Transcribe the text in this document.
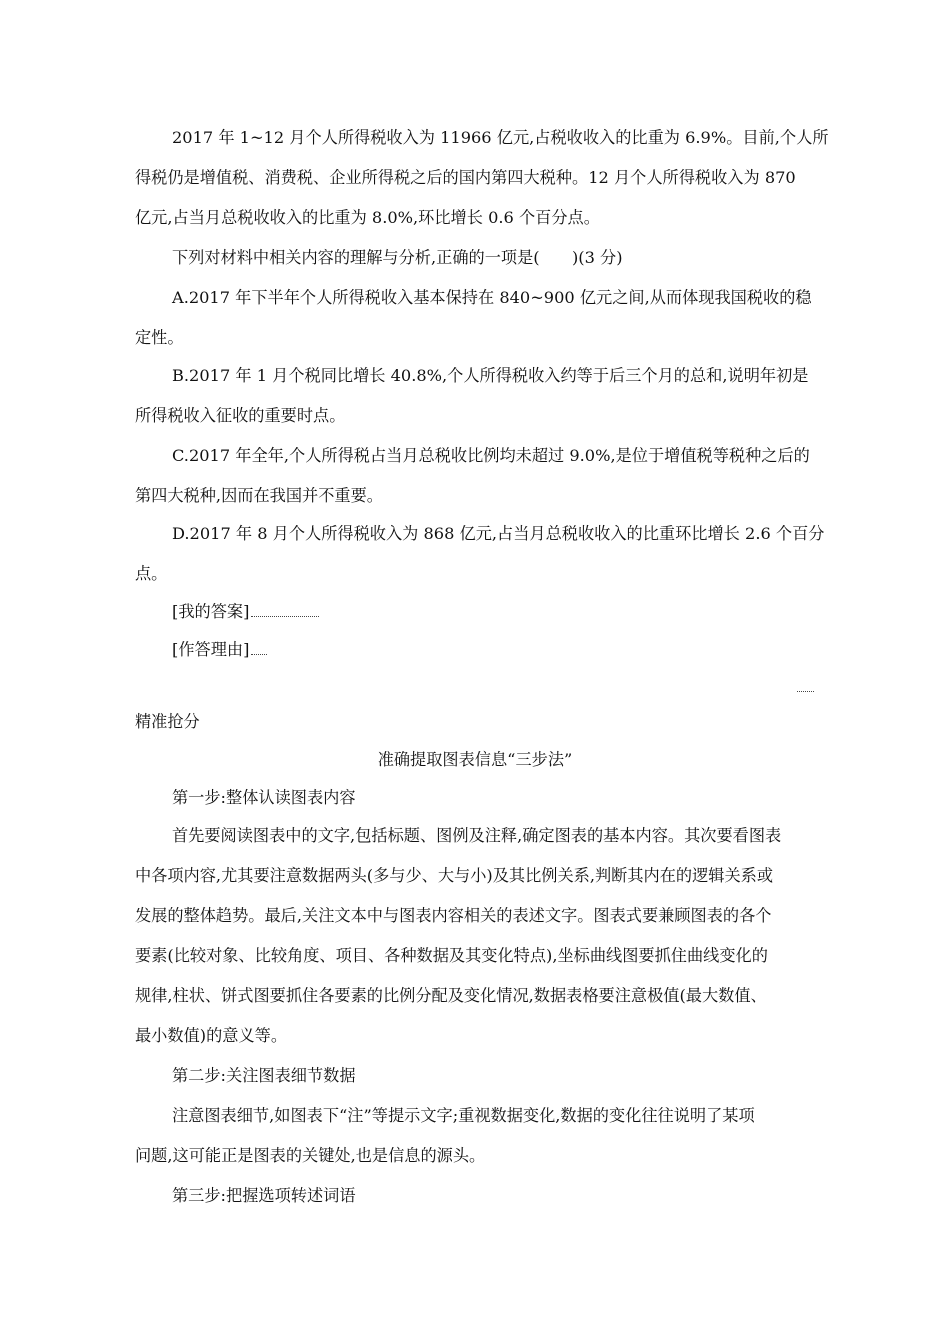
2017 年 1~12 月个人所得税收入为 11966 亿元,占税收收入的比重为 6.9%。目前,个人所
得税仍是增值税、消费税、企业所得税之后的国内第四大税种。12 月个人所得税收入为 870
亿元,占当月总税收收入的比重为 8.0%,环比增长 0.6 个百分点。
下列对材料中相关内容的理解与分析,正确的一项是(　　)(3 分)
A.2017 年下半年个人所得税收入基本保持在 840~900 亿元之间,从而体现我国税收的稳
定性。
B.2017 年 1 月个税同比增长 40.8%,个人所得税收入约等于后三个月的总和,说明年初是
所得税收入征收的重要时点。
C.2017 年全年,个人所得税占当月总税收比例均未超过 9.0%,是位于增值税等税种之后的
第四大税种,因而在我国并不重要。
D.2017 年 8 月个人所得税收入为 868 亿元,占当月总税收收入的比重环比增长 2.6 个百分
点。
[我的答案]
[作答理由]
精准抢分
准确提取图表信息“三步法”
第一步:整体认读图表内容
首先要阅读图表中的文字,包括标题、图例及注释,确定图表的基本内容。其次要看图表
中各项内容,尤其要注意数据两头(多与少、大与小)及其比例关系,判断其内在的逻辑关系或
发展的整体趋势。最后,关注文本中与图表内容相关的表述文字。图表式要兼顾图表的各个
要素(比较对象、比较角度、项目、各种数据及其变化特点),坐标曲线图要抓住曲线变化的
规律,柱状、饼式图要抓住各要素的比例分配及变化情况,数据表格要注意极值(最大数值、
最小数值)的意义等。
第二步:关注图表细节数据
注意图表细节,如图表下“注”等提示文字;重视数据变化,数据的变化往往说明了某项
问题,这可能正是图表的关键处,也是信息的源头。
第三步:把握选项转述词语
